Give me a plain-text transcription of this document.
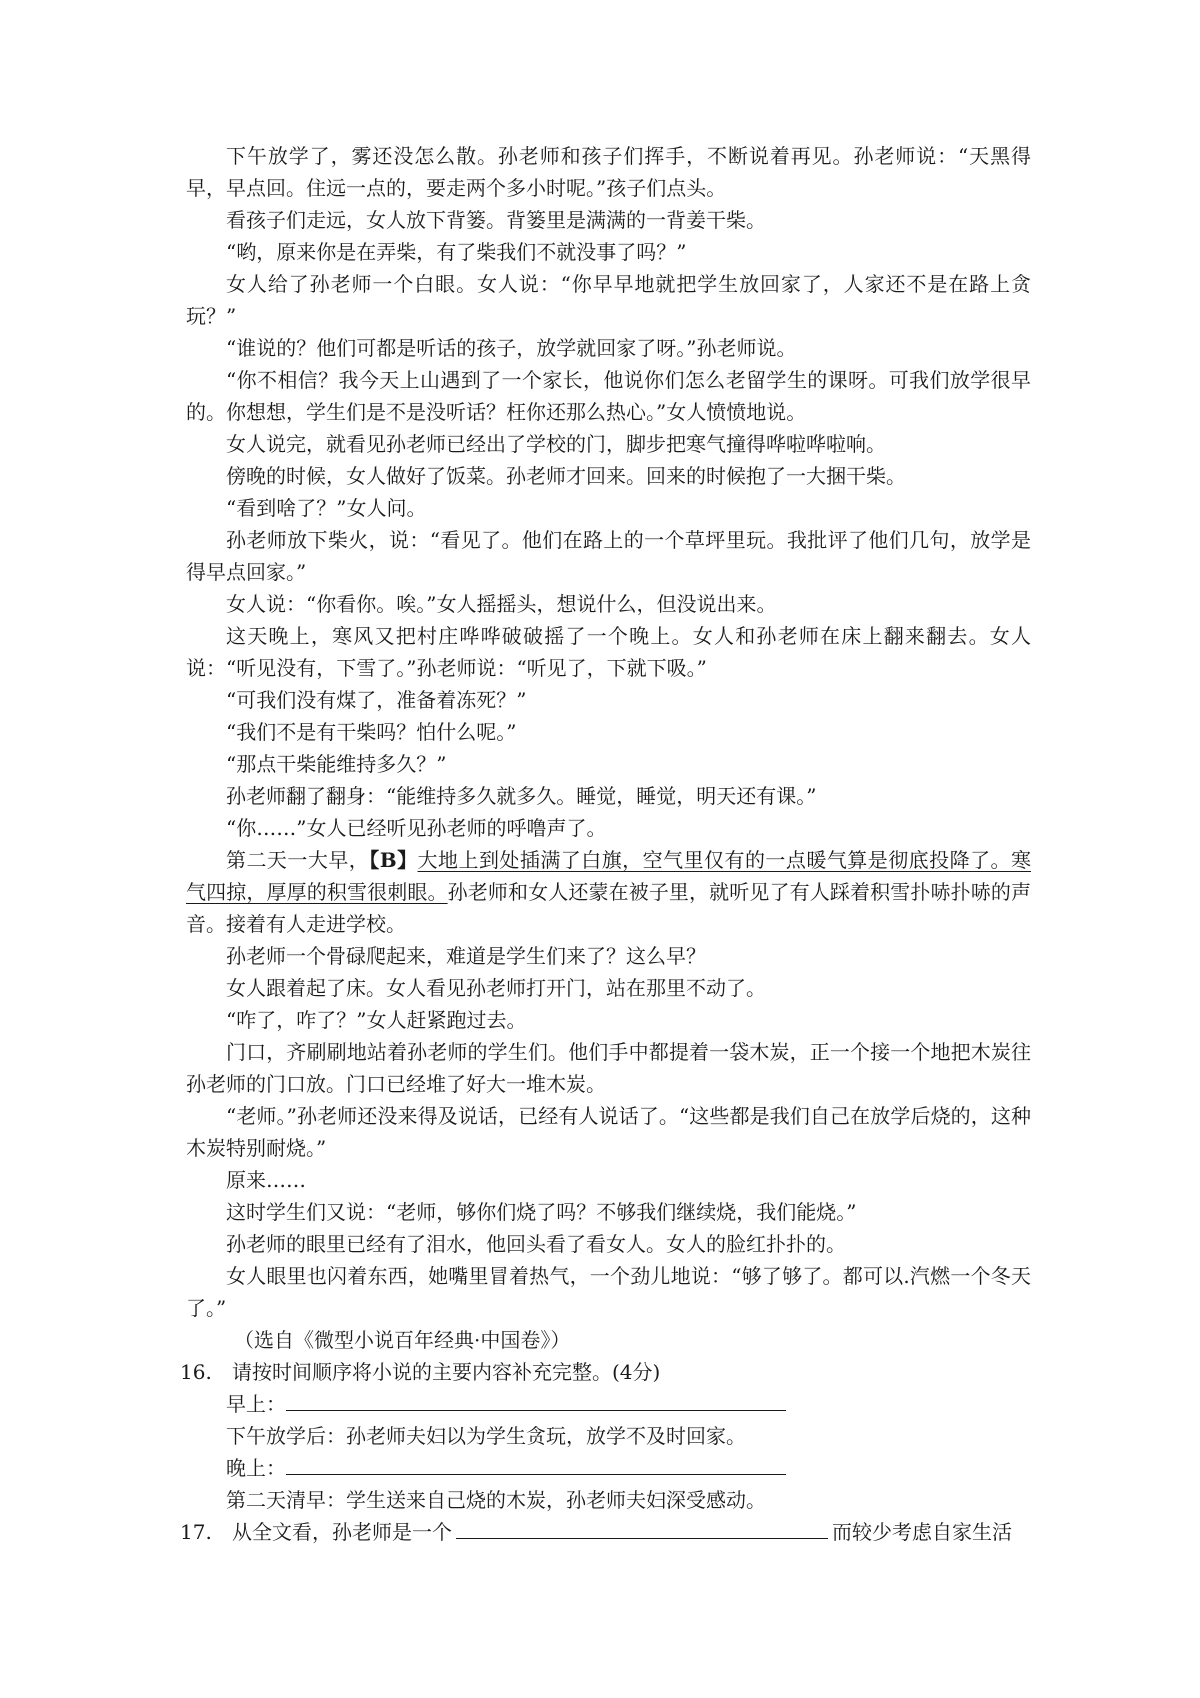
下午放学了，雾还没怎么散。孙老师和孩子们挥手，不断说着再见。孙老师说：“天黑得早，早点回。住远一点的，要走两个多小时呢。”孩子们点头。

看孩子们走远，女人放下背篓。背篓里是满满的一背姜干柴。

“哟，原来你是在弄柴，有了柴我们不就没事了吗？”

女人给了孙老师一个白眼。女人说：“你早早地就把学生放回家了，人家还不是在路上贪玩？”

“谁说的？他们可都是听话的孩子，放学就回家了呀。”孙老师说。

“你不相信？我今天上山遇到了一个家长，他说你们怎么老留学生的课呀。可我们放学很早的。你想想，学生们是不是没听话？枉你还那么热心。”女人愤愤地说。

女人说完，就看见孙老师已经出了学校的门，脚步把寒气撞得哗啦哗啦响。

傍晚的时候，女人做好了饭菜。孙老师才回来。回来的时候抱了一大捆干柴。

“看到啥了？”女人问。

孙老师放下柴火，说：“看见了。他们在路上的一个草坪里玩。我批评了他们几句，放学是得早点回家。”

女人说：“你看你。唉。”女人摇摇头，想说什么，但没说出来。

这天晚上，寒风又把村庄哗哗破破摇了一个晚上。女人和孙老师在床上翻来翻去。女人说：“听见没有，下雪了。”孙老师说：“听见了，下就下吸。”

“可我们没有煤了，准备着冻死？”

“我们不是有干柴吗？怕什么呢。”

“那点干柴能维持多久？”

孙老师翻了翻身：“能维持多久就多久。睡觉，睡觉，明天还有课。”

“你……”女人已经听见孙老师的呼噜声了。

第二天一大早，【B】大地上到处插满了白旗，空气里仅有的一点暖气算是彻底投降了。寒气四掠，厚厚的积雪很刺眼。孙老师和女人还蒙在被子里，就听见了有人踩着积雪扑哧扑哧的声音。接着有人走进学校。

孙老师一个骨碌爬起来，难道是学生们来了？这么早？

女人跟着起了床。女人看见孙老师打开门，站在那里不动了。

“咋了，咋了？”女人赶紧跑过去。

门口，齐刷刷地站着孙老师的学生们。他们手中都提着一袋木炭，正一个接一个地把木炭往孙老师的门口放。门口已经堆了好大一堆木炭。

“老师。”孙老师还没来得及说话，已经有人说话了。“这些都是我们自己在放学后烧的，这种木炭特别耐烧。”

原来……

这时学生们又说：“老师，够你们烧了吗？不够我们继续烧，我们能烧。”

孙老师的眼里已经有了泪水，他回头看了看女人。女人的脸红扑扑的。

女人眼里也闪着东西，她嘴里冒着热气，一个劲儿地说：“够了够了。都可以.汽燃一个冬天了。”

（选自《微型小说百年经典·中国卷》）

16.	请按时间顺序将小说的主要内容补充完整。(4分)

早上：

下午放学后：孙老师夫妇以为学生贪玩，放学不及时回家。

晚上：

第二天清早：学生送来自己烧的木炭，孙老师夫妇深受感动。

17.	从全文看，孙老师是一个	而较少考虑自家生活
